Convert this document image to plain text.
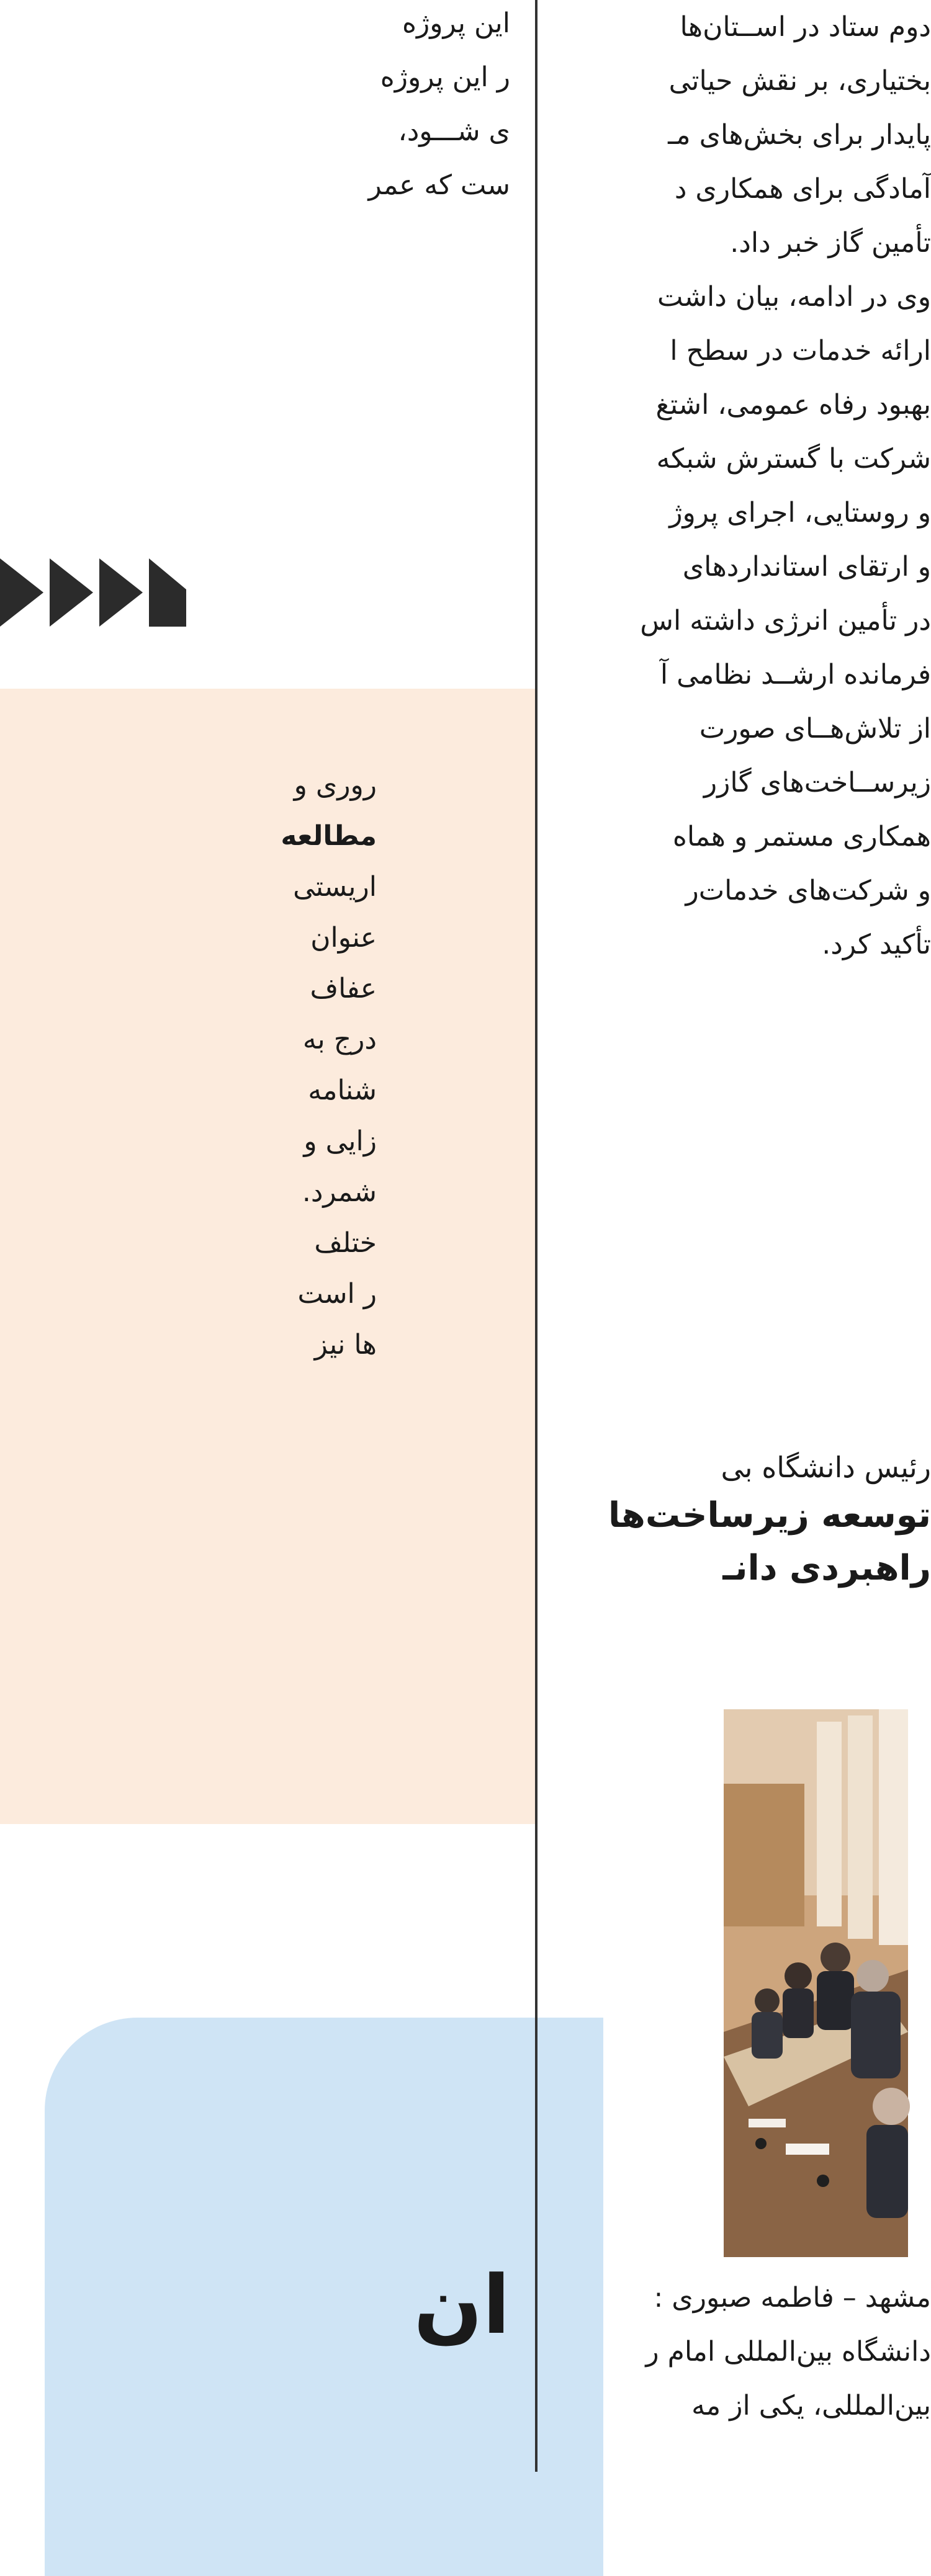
این پروژه
ر این پروژه
ی شـــود،
ست که عمر
روری و
مطالعه
اریستی
عنوان
عفاف
درج به
شنامه
زایی و
شمرد.
ختلف
ر است
ها نیز
ان
دوم ستاد در اســتان‌ها
بختیاری، بر نقش حیاتی
پایدار برای بخش‌های مـ
آمادگی برای همکاری د
تأمین گاز خبر داد.
وی در ادامه، بیان داشت
ارائه خدمات در سطح ا
بهبود رفاه عمومی، اشتغ
شرکت با گسترش شبکه
و روستایی، اجرای پروژ
و ارتقای استانداردهای
در تأمین انرژی داشته اس
فرمانده ارشــد نظامی آ
از تلاش‌هــای صورت
زیرســاخت‌های گازر
همکاری مستمر و هماه
و شرکت‌های خدمات‌ر
تأکید کرد.
رئیس دانشگاه بی
توسعه زیرساخت‌ها
راهبردی دانـ
مشهد – فاطمه صبوری :
دانشگاه بین‌المللی امام ر
بین‌المللی، یکی از مه
